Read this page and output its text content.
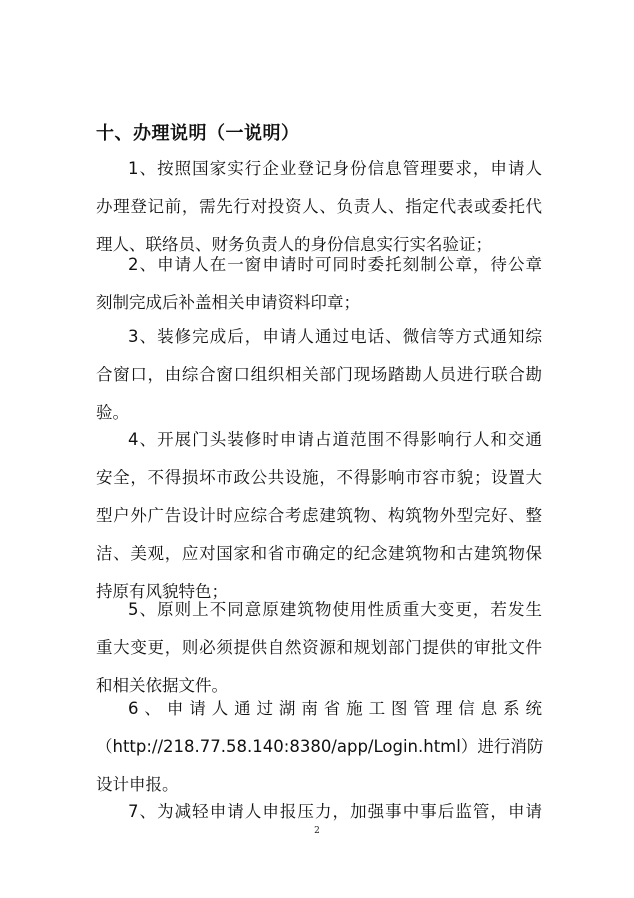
十、办理说明（一说明）
1、按照国家实行企业登记身份信息管理要求，申请人
办理登记前，需先行对投资人、负责人、指定代表或委托代
理人、联络员、财务负责人的身份信息实行实名验证；
2、申请人在一窗申请时可同时委托刻制公章，待公章
刻制完成后补盖相关申请资料印章；
3、装修完成后，申请人通过电话、微信等方式通知综
合窗口，由综合窗口组织相关部门现场踏勘人员进行联合勘
验。
4、开展门头装修时申请占道范围不得影响行人和交通
安全，不得损坏市政公共设施，不得影响市容市貌；设置大
型户外广告设计时应综合考虑建筑物、构筑物外型完好、整
洁、美观，应对国家和省市确定的纪念建筑物和古建筑物保
持原有风貌特色；
5、原则上不同意原建筑物使用性质重大变更，若发生
重大变更，则必须提供自然资源和规划部门提供的审批文件
和相关依据文件。
6、申请人通过湖南省施工图管理信息系统
（http://218.77.58.140:8380/app/Login.html）进行消防
设计申报。
7、为减轻申请人申报压力，加强事中事后监管，申请
2
